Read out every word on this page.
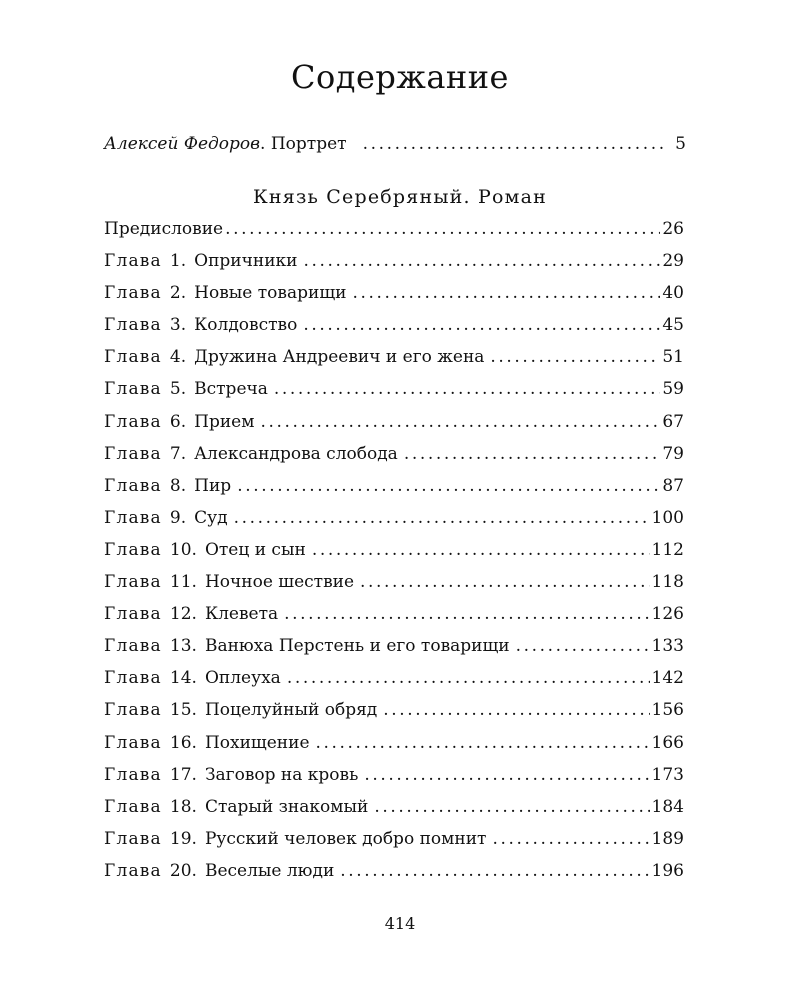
Содержание
Алексей Федоров. Портрет .....	5
Князь Серебряный. Роман
Предисловие .....	26
Глава 1. Опричники .....	29
Глава 2. Новые товарищи .....	40
Глава 3. Колдовство .....	45
Глава 4. Дружина Андреевич и его жена .....	51
Глава 5. Встреча .....	59
Глава 6. Прием .....	67
Глава 7. Александрова слобода .....	79
Глава 8. Пир .....	87
Глава 9. Суд .....	100
Глава 10. Отец и сын .....	112
Глава 11. Ночное шествие .....	118
Глава 12. Клевета .....	126
Глава 13. Ванюха Перстень и его товарищи .....	133
Глава 14. Оплеуха .....	142
Глава 15. Поцелуйный обряд .....	156
Глава 16. Похищение .....	166
Глава 17. Заговор на кровь .....	173
Глава 18. Старый знакомый .....	184
Глава 19. Русский человек добро помнит .....	189
Глава 20. Веселые люди .....	196
414
